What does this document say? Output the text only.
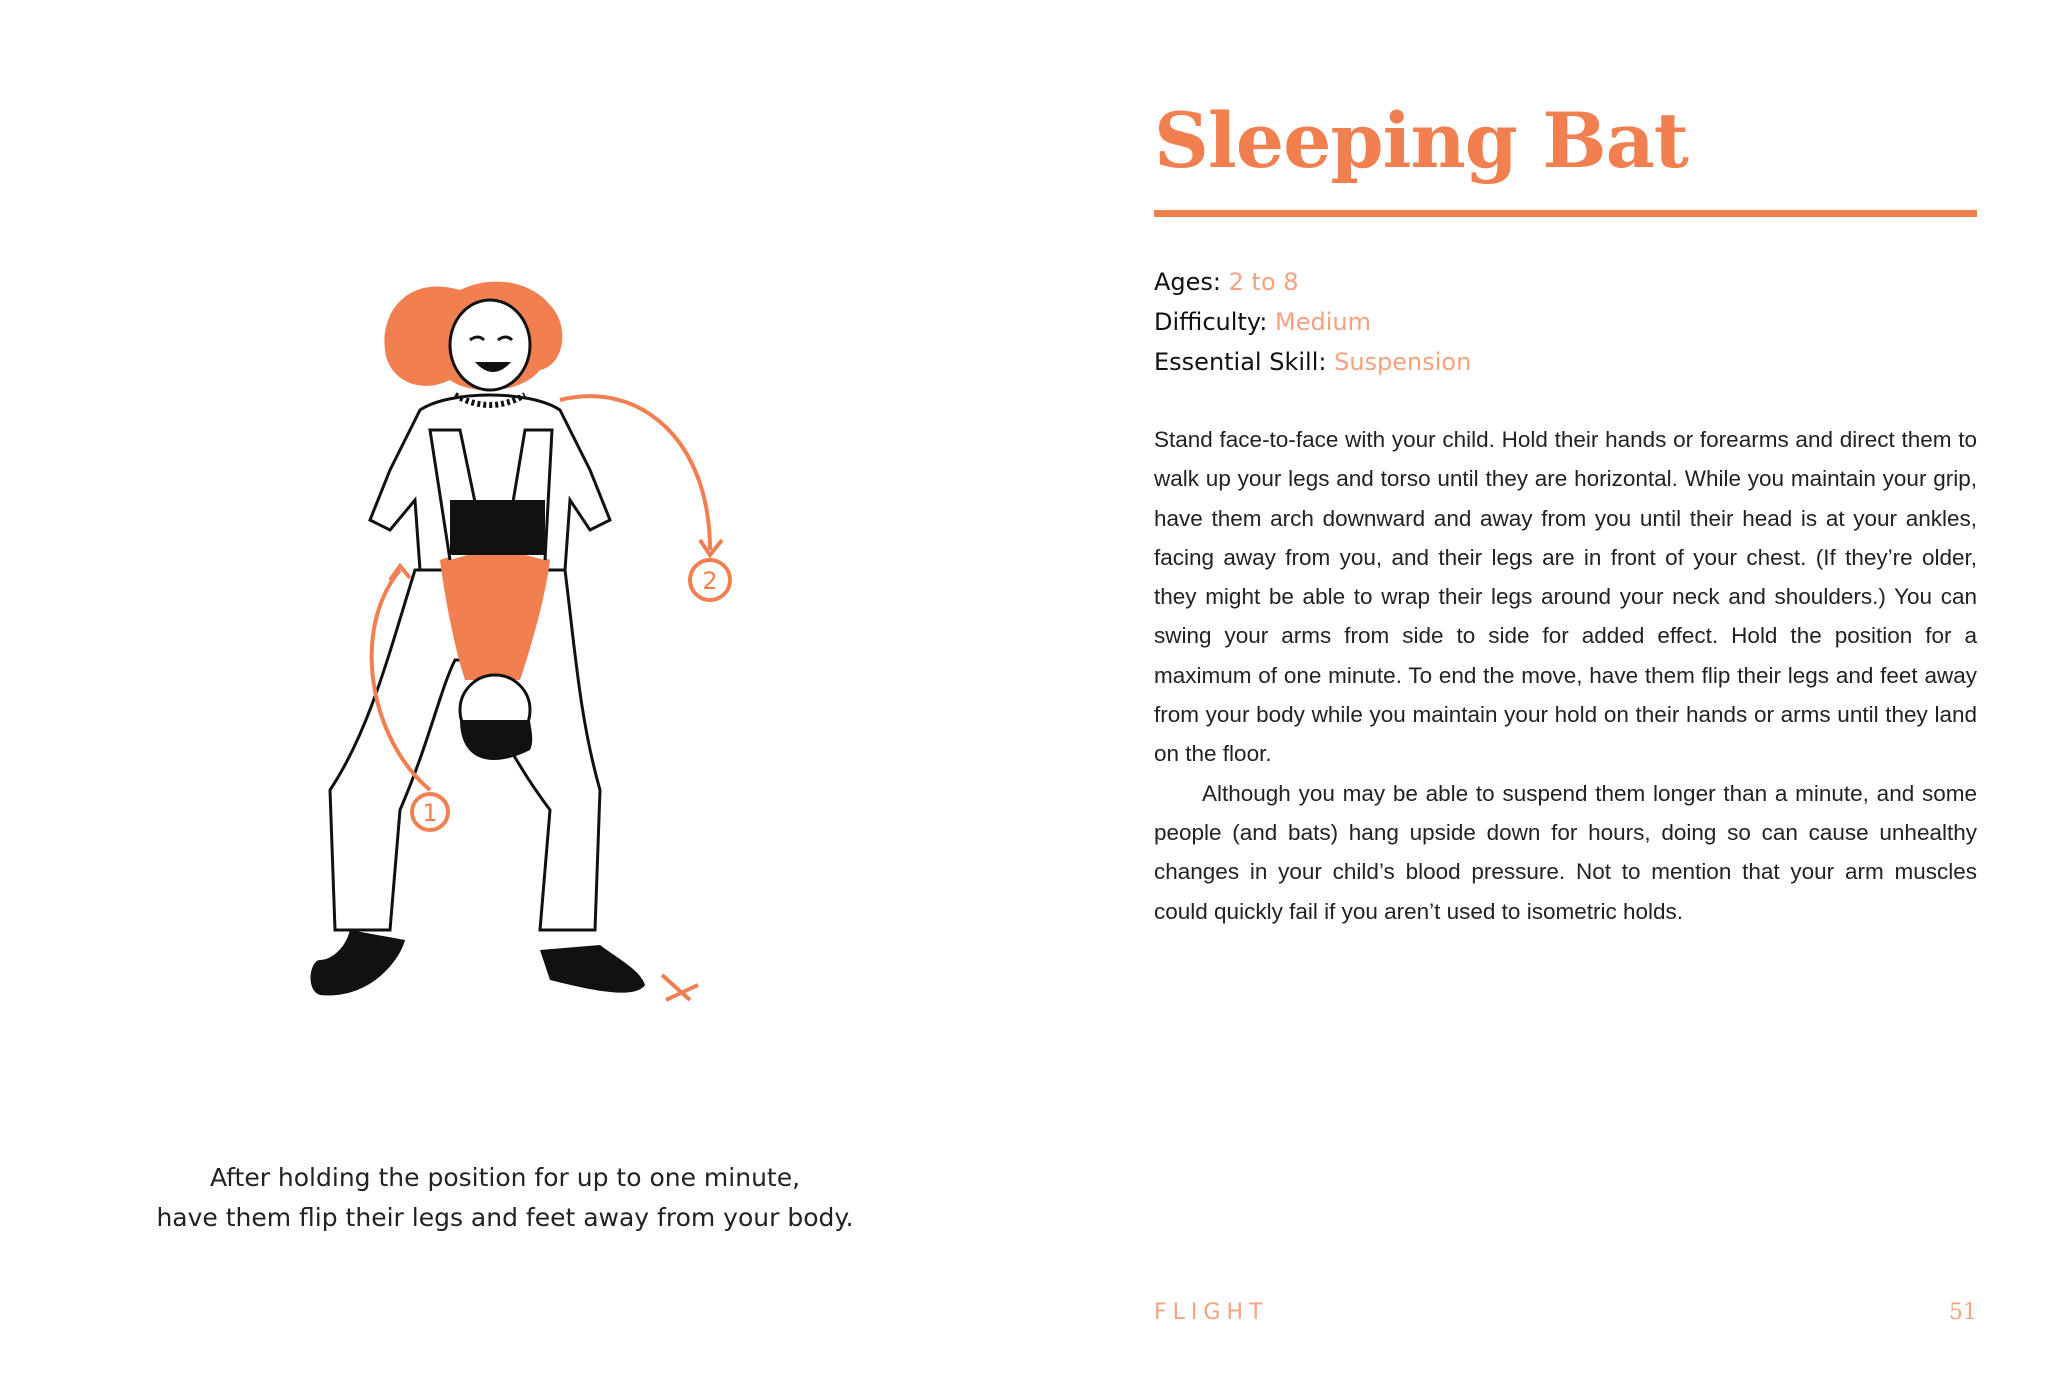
1
2
After holding the position for up to one minute,
have them flip their legs and feet away from your body.
Sleeping Bat
Ages: 2 to 8
Difficulty: Medium
Essential Skill: Suspension

Stand face-to-face with your child. Hold their hands or forearms and direct them to walk up your legs and torso until they are horizontal. While you maintain your grip, have them arch downward and away from you until their head is at your ankles, facing away from you, and their legs are in front of your chest. (If they’re older, they might be able to wrap their legs around your neck and shoulders.) You can swing your arms from side to side for added effect. Hold the position for a maximum of one minute. To end the move, have them flip their legs and feet away from your body while you maintain your hold on their hands or arms until they land on the floor.

Although you may be able to suspend them longer than a minute, and some people (and bats) hang upside down for hours, doing so can cause unhealthy changes in your child’s blood pressure. Not to mention that your arm muscles could quickly fail if you aren’t used to isometric holds.

FLIGHT	51
